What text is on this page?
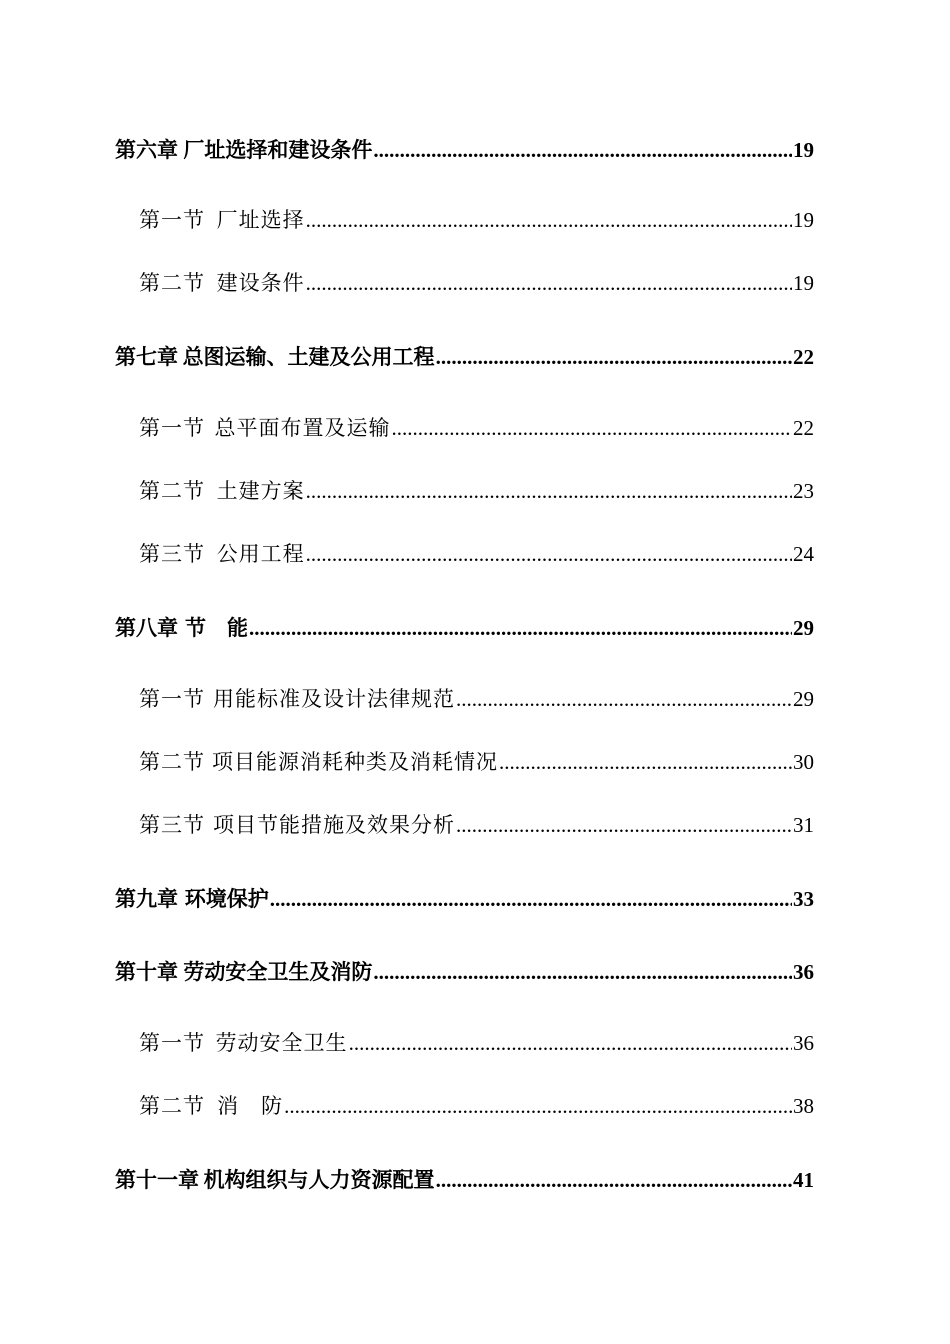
第六章 厂址选择和建设条件 .....	19
第一节 厂址选择 .....	19
第二节 建设条件 .....	19
第七章 总图运输、土建及公用工程 .....	22
第一节 总平面布置及运输 .....	22
第二节 土建方案 .....	23
第三节 公用工程 .....	24
第八章 节　能 .....	29
第一节 用能标准及设计法律规范 .....	29
第二节 项目能源消耗种类及消耗情况 .....	30
第三节 项目节能措施及效果分析 .....	31
第九章 环境保护 .....	33
第十章 劳动安全卫生及消防 .....	36
第一节 劳动安全卫生 .....	36
第二节 消　防 .....	38
第十一章 机构组织与人力资源配置 .....	41
